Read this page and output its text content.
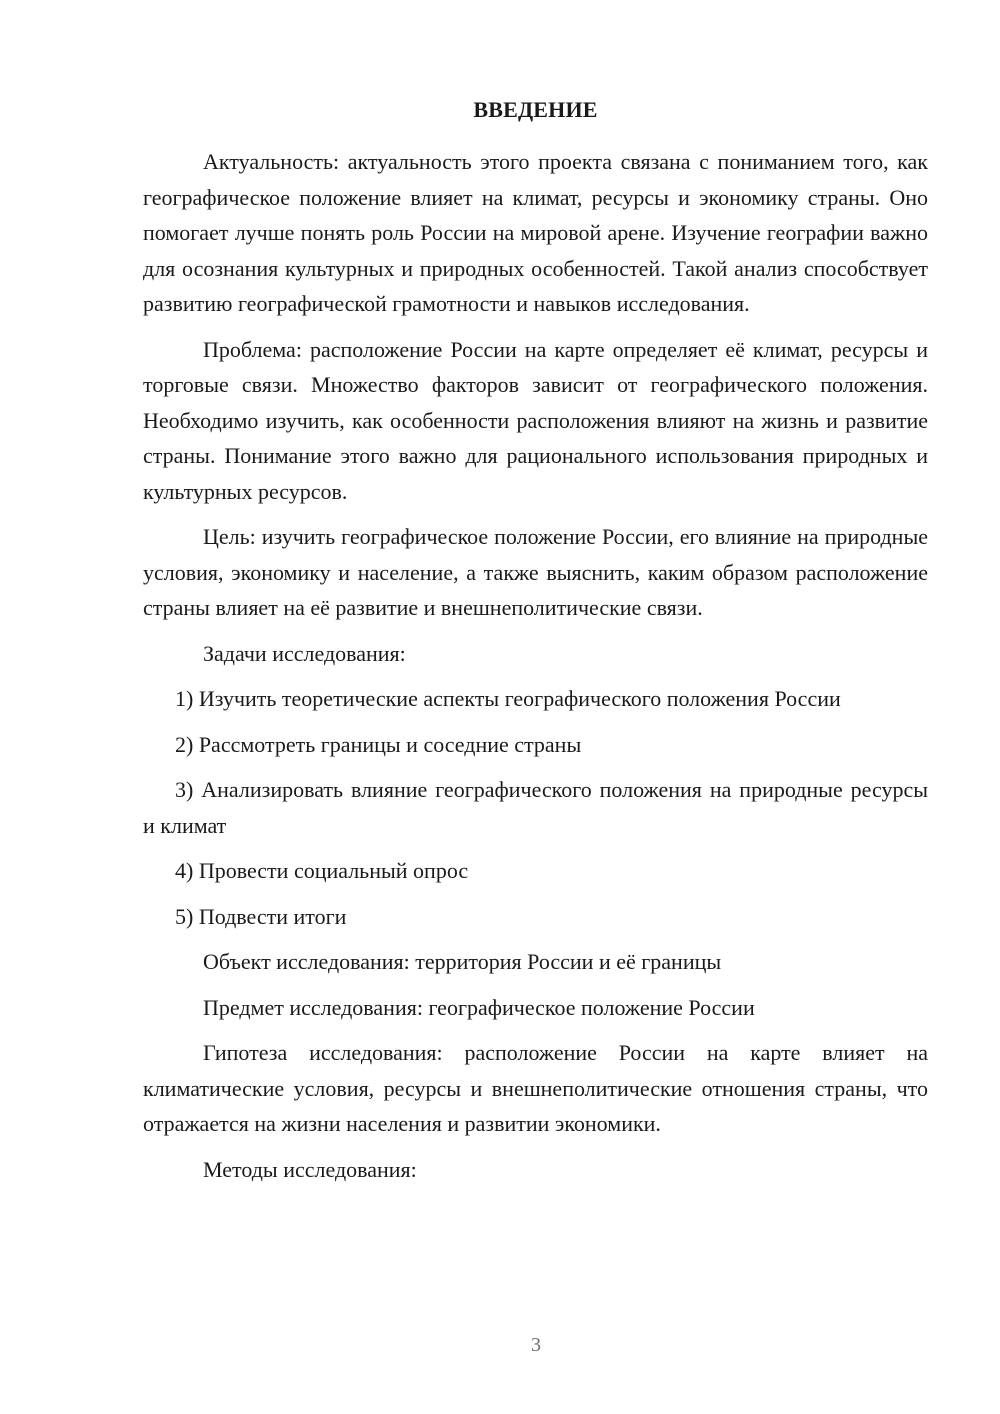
ВВЕДЕНИЕ

Актуальность: актуальность этого проекта связана с пониманием того, как географическое положение влияет на климат, ресурсы и экономику страны. Оно помогает лучше понять роль России на мировой арене. Изучение географии важно для осознания культурных и природных особенностей. Такой анализ способствует развитию географической грамотности и навыков исследования.

Проблема: расположение России на карте определяет её климат, ресурсы и торговые связи. Множество факторов зависит от географического положения. Необходимо изучить, как особенности расположения влияют на жизнь и развитие страны. Понимание этого важно для рационального использования природных и культурных ресурсов.

Цель: изучить географическое положение России, его влияние на природные условия, экономику и население, а также выяснить, каким образом расположение страны влияет на её развитие и внешнеполитические связи.

Задачи исследования:

1) Изучить теоретические аспекты географического положения России

2) Рассмотреть границы и соседние страны

3) Анализировать влияние географического положения на природные ресурсы и климат

4) Провести социальный опрос

5) Подвести итоги

Объект исследования: территория России и её границы

Предмет исследования: географическое положение России

Гипотеза исследования: расположение России на карте влияет на климатические условия, ресурсы и внешнеполитические отношения страны, что отражается на жизни населения и развитии экономики.

Методы исследования:

3
